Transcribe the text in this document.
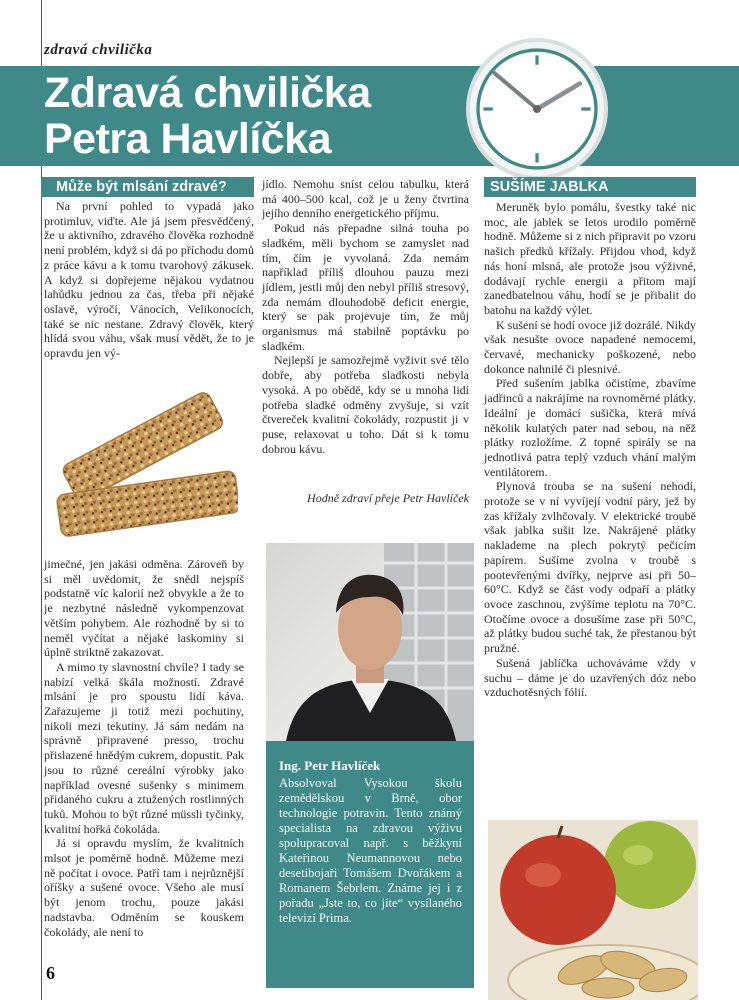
zdravá chvilička
Zdravá chvilička
Petra Havlíčka
Může být mlsání zdravé?

Na první pohled to vypadá jako protimluv, viďte. Ale já jsem přesvědčený, že u aktivního, zdravého člověka rozhodně není problém, když si dá po příchodu domů z práce kávu a k tomu tvarohový zákusek. A když si dopřejeme nějakou vydatnou lahůdku jednou za čas, třeba při nějaké oslavě, výročí, Vánocích, Velikonocích, také se nic nestane. Zdravý člověk, který hlídá svou váhu, však musí vědět, že to je opravdu jen vý-

jimečné, jen jakási odměna. Zároveň by si měl uvědomit, že snědl nejspíš podstatně víc kalorií než obvykle a že to je nezbytné následně vykompenzovat větším pohybem. Ale rozhodně by si to neměl vyčítat a nějaké laskominy si úplně striktně zakazovat.

A mimo ty slavnostní chvíle? I tady se nabízí velká škála možností. Zdravé mlsání je pro spoustu lidí káva. Zařazujeme ji totiž mezi pochutiny, nikoli mezi tekutiny. Já sám nedám na správně připravené presso, trochu přislazené hnědým cukrem, dopustit. Pak jsou to různé cereální výrobky jako například ovesné sušenky s minimem přidaného cukru a ztužených rostlinných tuků. Mohou to být různé müssli tyčinky, kvalitní hořká čokoláda.

Já si opravdu myslím, že kvalitních mlsot je poměrně hodně. Můžeme mezi ně počítat i ovoce. Patří tam i nejrůznější oříšky a sušené ovoce. Všeho ale musí být jenom trochu, pouze jakási nadstavba. Odměním se kouskem čokolády, ale není to

jídlo. Nemohu sníst celou tabulku, která má 400–500 kcal, což je u ženy čtvrtina jejího denního energetického příjmu.

Pokud nás přepadne silná touha po sladkém, měli bychom se zamyslet nad tím, čím je vyvolaná. Zda nemám například příliš dlouhou pauzu mezi jídlem, jestli můj den nebyl příliš stresový, zda nemám dlouhodobě deficit energie, který se pak projevuje tím, že můj organismus má stabilně poptávku po sladkém.

Nejlepší je samozřejmě vyživit své tělo dobře, aby potřeba sladkosti nebyla vysoká. A po obědě, kdy se u mnoha lidí potřeba sladké odměny zvyšuje, si vzít čtvereček kvalitní čokolády, rozpustit ji v puse, relaxovat u toho. Dát si k tomu dobrou kávu.

Hodně zdraví přeje Petr Havlíček
Ing. Petr Havlíček

Absolvoval Vysokou školu zemědělskou v Brně, obor technologie potravin. Tento známý specialista na zdravou výživu spolupracoval např. s běžkyní Kateřinou Neumannovou nebo desetibojaři Tomášem Dvořákem a Romanem Šebrlem. Známe jej i z pořadu „Jste to, co jíte“ vysílaného televizí Prima.

SUŠÍME JABLKA

Meruněk bylo pomálu, švestky také nic moc, ale jablek se letos urodilo poměrně hodně. Můžeme si z nich připravit po vzoru našich předků křížaly. Přijdou vhod, když nás honí mlsná, ale protože jsou výživné, dodávají rychle energii a přitom mají zanedbatelnou váhu, hodí se je přibalit do batohu na každý výlet.

K sušení se hodí ovoce již dozrálé. Nikdy však nesušte ovoce napadené nemocemi, červavé, mechanicky poškozené, nebo dokonce nahnilé či plesnivé.

Před sušením jablka očistíme, zbavíme jadřinců a nakrájíme na rovnoměrné plátky. Ideální je domácí sušička, která mívá několik kulatých pater nad sebou, na něž plátky rozložíme. Z topné spirály se na jednotlivá patra teplý vzduch vhání malým ventilátorem.

Plynová trouba se na sušení nehodí, protože se v ní vyvíjejí vodní páry, jež by zas křížaly zvlhčovaly. V elektrické troubě však jablka sušit lze. Nakrájené plátky naklademe na plech pokrytý pečicím papírem. Sušíme zvolna v troubě s pootevřenými dvířky, nejprve asi při 50–60°C. Když se část vody odpaří a plátky ovoce zaschnou, zvýšíme teplotu na 70°C. Otočíme ovoce a dosušíme zase při 50°C, až plátky budou suché tak, že přestanou být pružné.

Sušená jablíčka uchováváme vždy v suchu – dáme je do uzavřených dóz nebo vzduchotěsných fólií.

6
